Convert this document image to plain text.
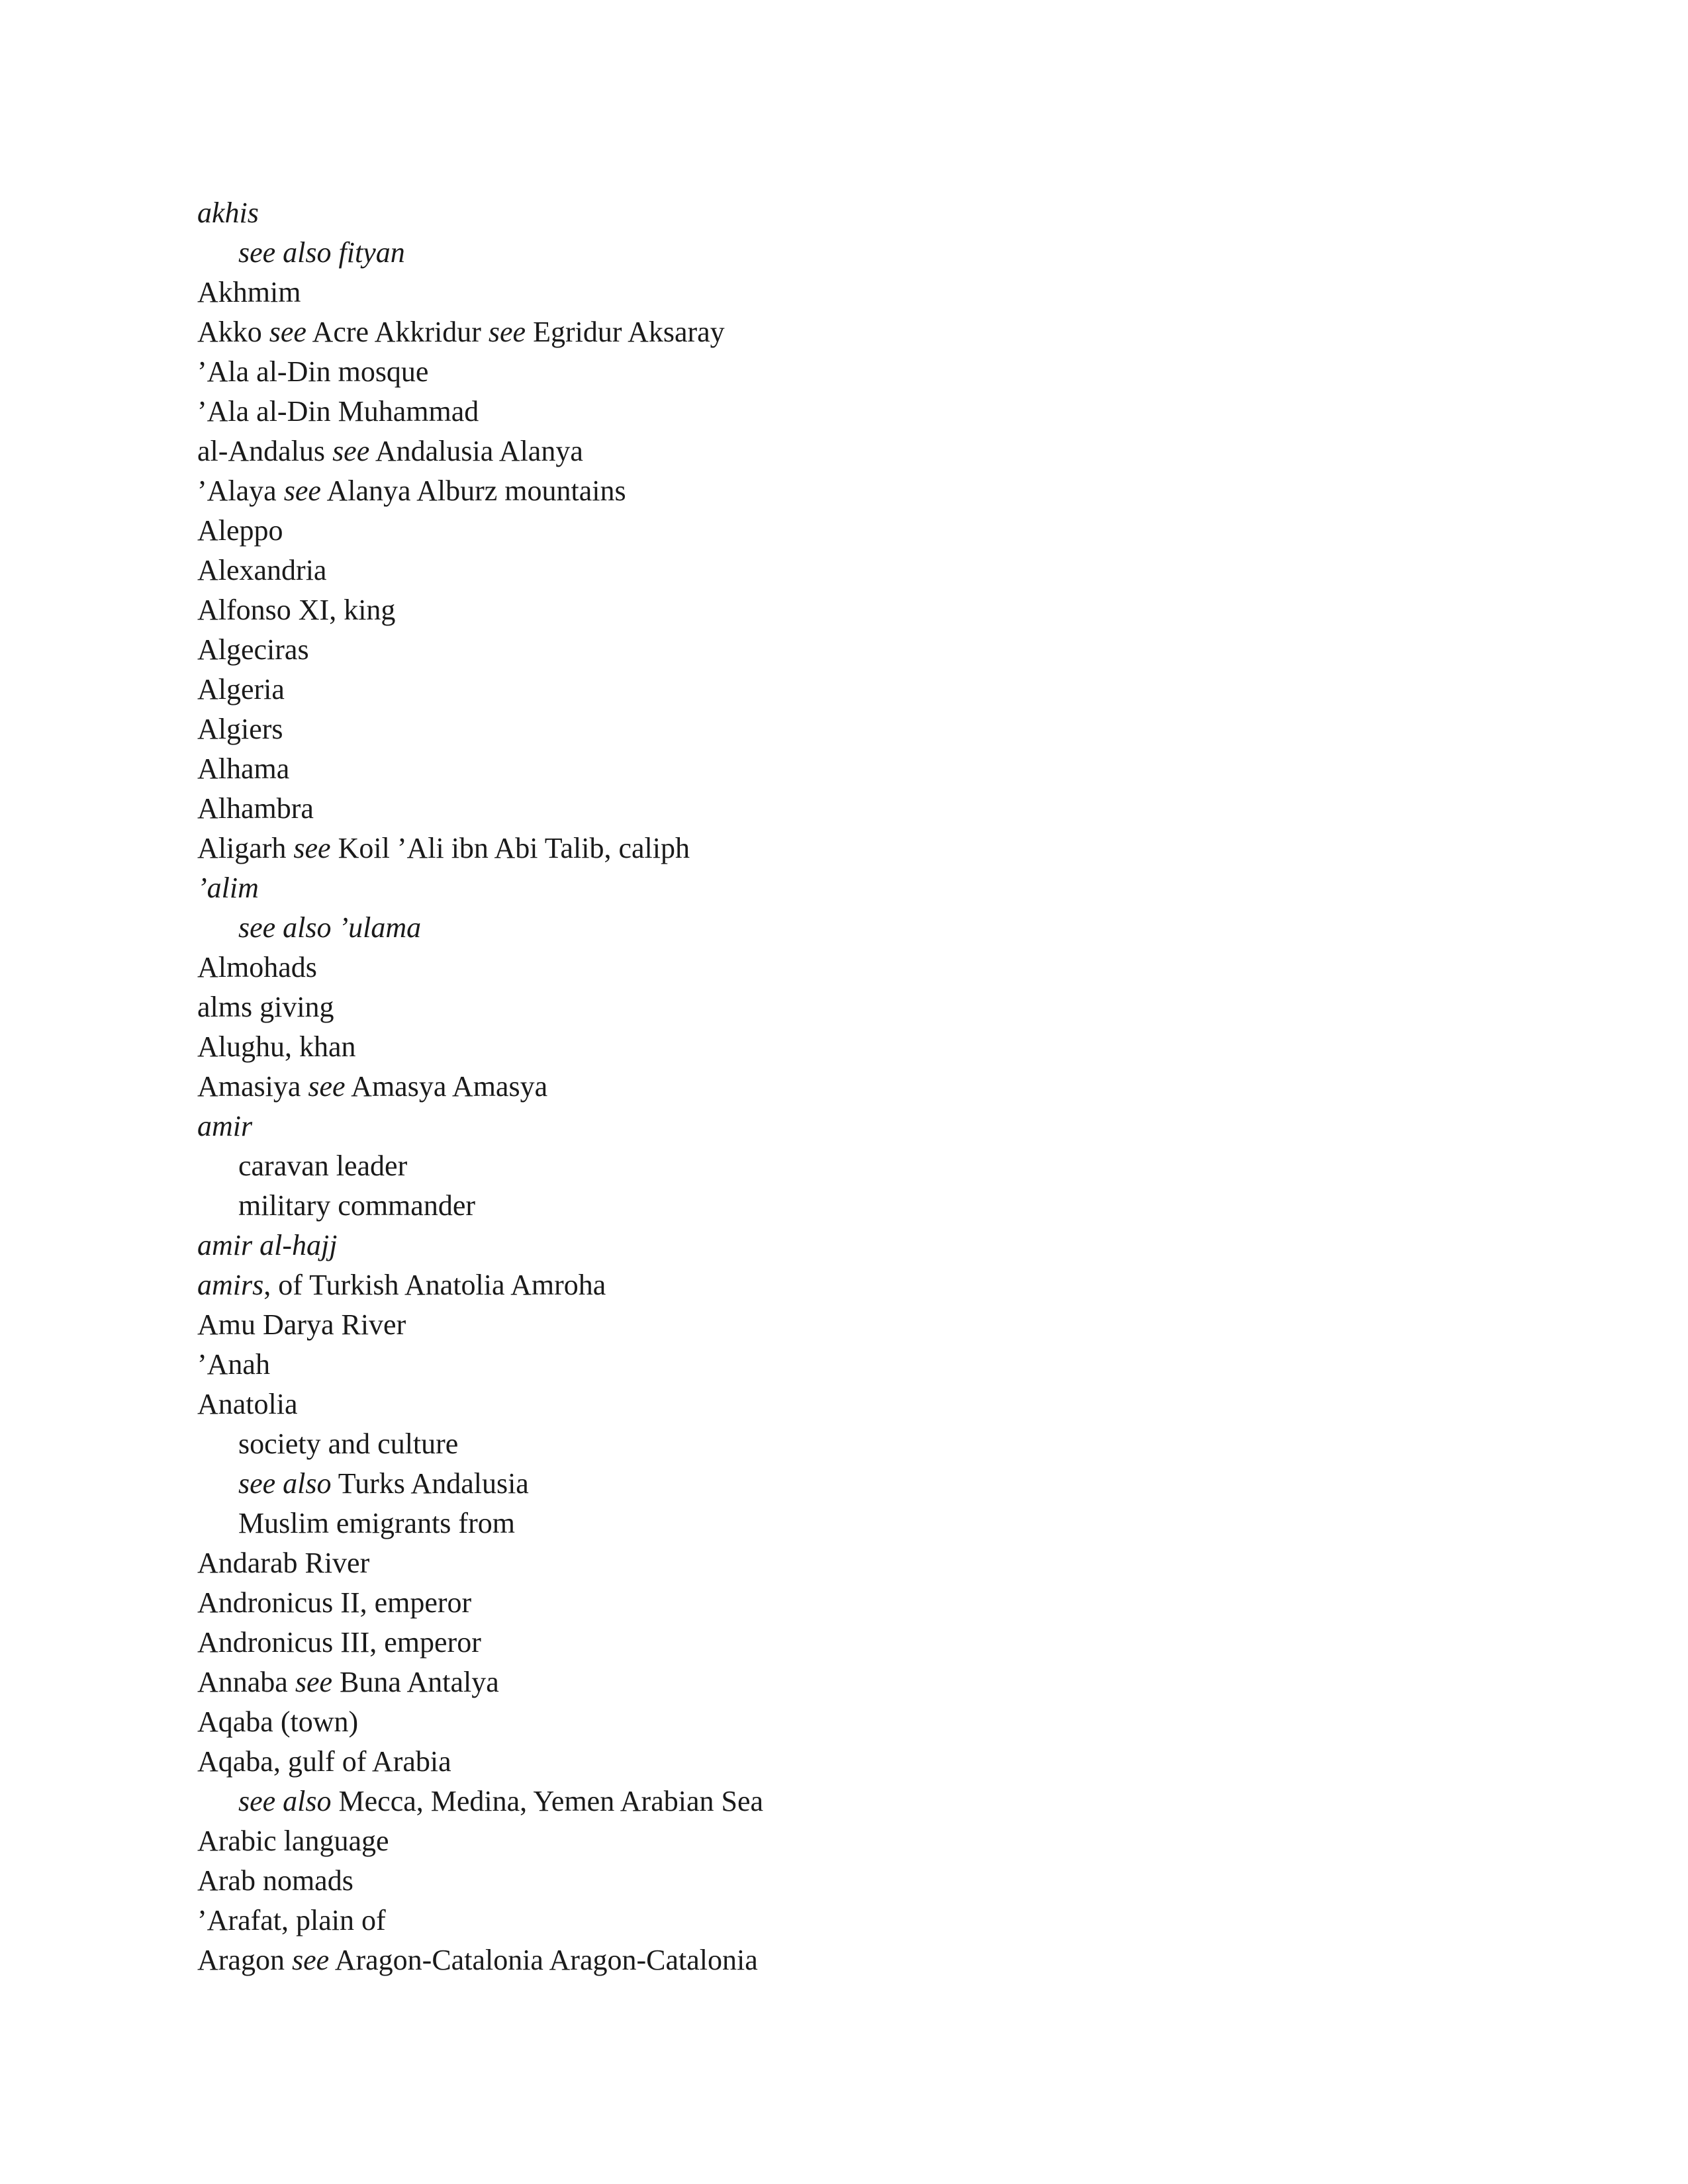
akhis
see also fityan
Akhmim
Akko see Acre Akkridur see Egridur Aksaray
’Ala al-Din mosque
’Ala al-Din Muhammad
al-Andalus see Andalusia Alanya
’Alaya see Alanya Alburz mountains
Aleppo
Alexandria
Alfonso XI, king
Algeciras
Algeria
Algiers
Alhama
Alhambra
Aligarh see Koil ’Ali ibn Abi Talib, caliph
’alim
see also ’ulama
Almohads
alms giving
Alughu, khan
Amasiya see Amasya Amasya
amir
caravan leader
military commander
amir al-hajj
amirs, of Turkish Anatolia Amroha
Amu Darya River
’Anah
Anatolia
society and culture
see also Turks Andalusia
Muslim emigrants from
Andarab River
Andronicus II, emperor
Andronicus III, emperor
Annaba see Buna Antalya
Aqaba (town)
Aqaba, gulf of Arabia
see also Mecca, Medina, Yemen Arabian Sea
Arabic language
Arab nomads
’Arafat, plain of
Aragon see Aragon-Catalonia Aragon-Catalonia
